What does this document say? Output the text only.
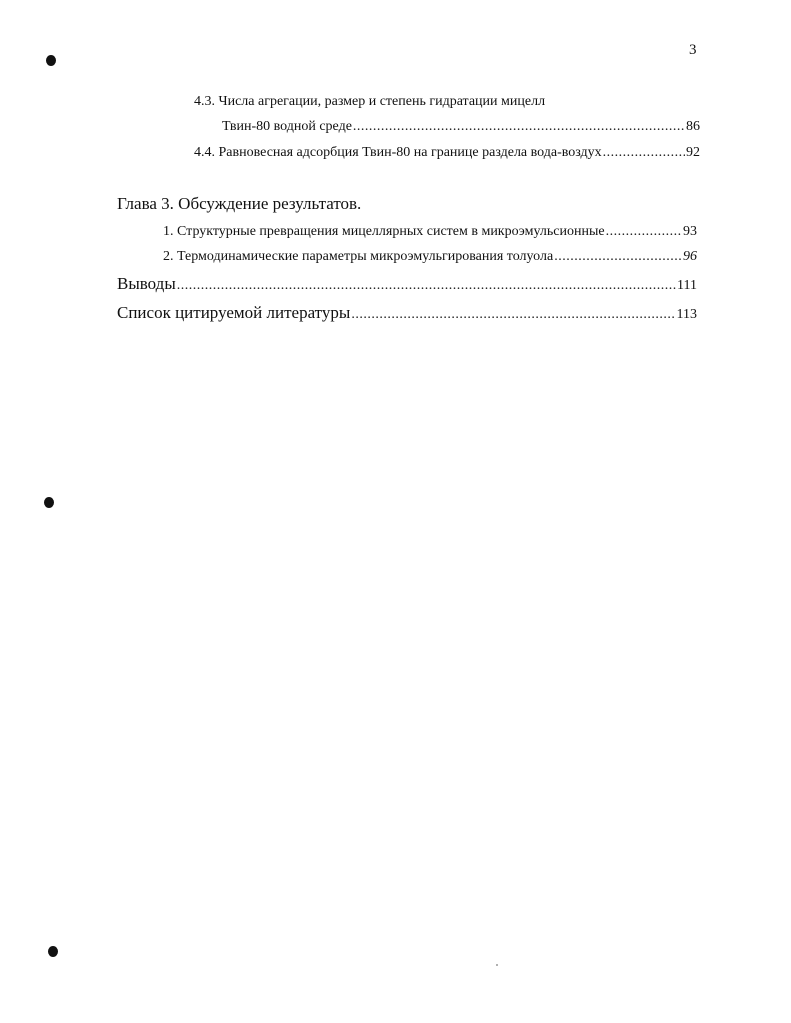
3
4.3. Числа агрегации, размер и степень гидратации мицелл
Твин-80 водной среде .....	86
4.4. Равновесная адсорбция Твин-80 на границе раздела вода-воздух .....	92
Глава 3. Обсуждение результатов.
1. Структурные превращения мицеллярных систем в микроэмульсионные .....	93
2. Термодинамические параметры микроэмульгирования толуола .....	96
Выводы .....	111
Список цитируемой литературы .....	113
